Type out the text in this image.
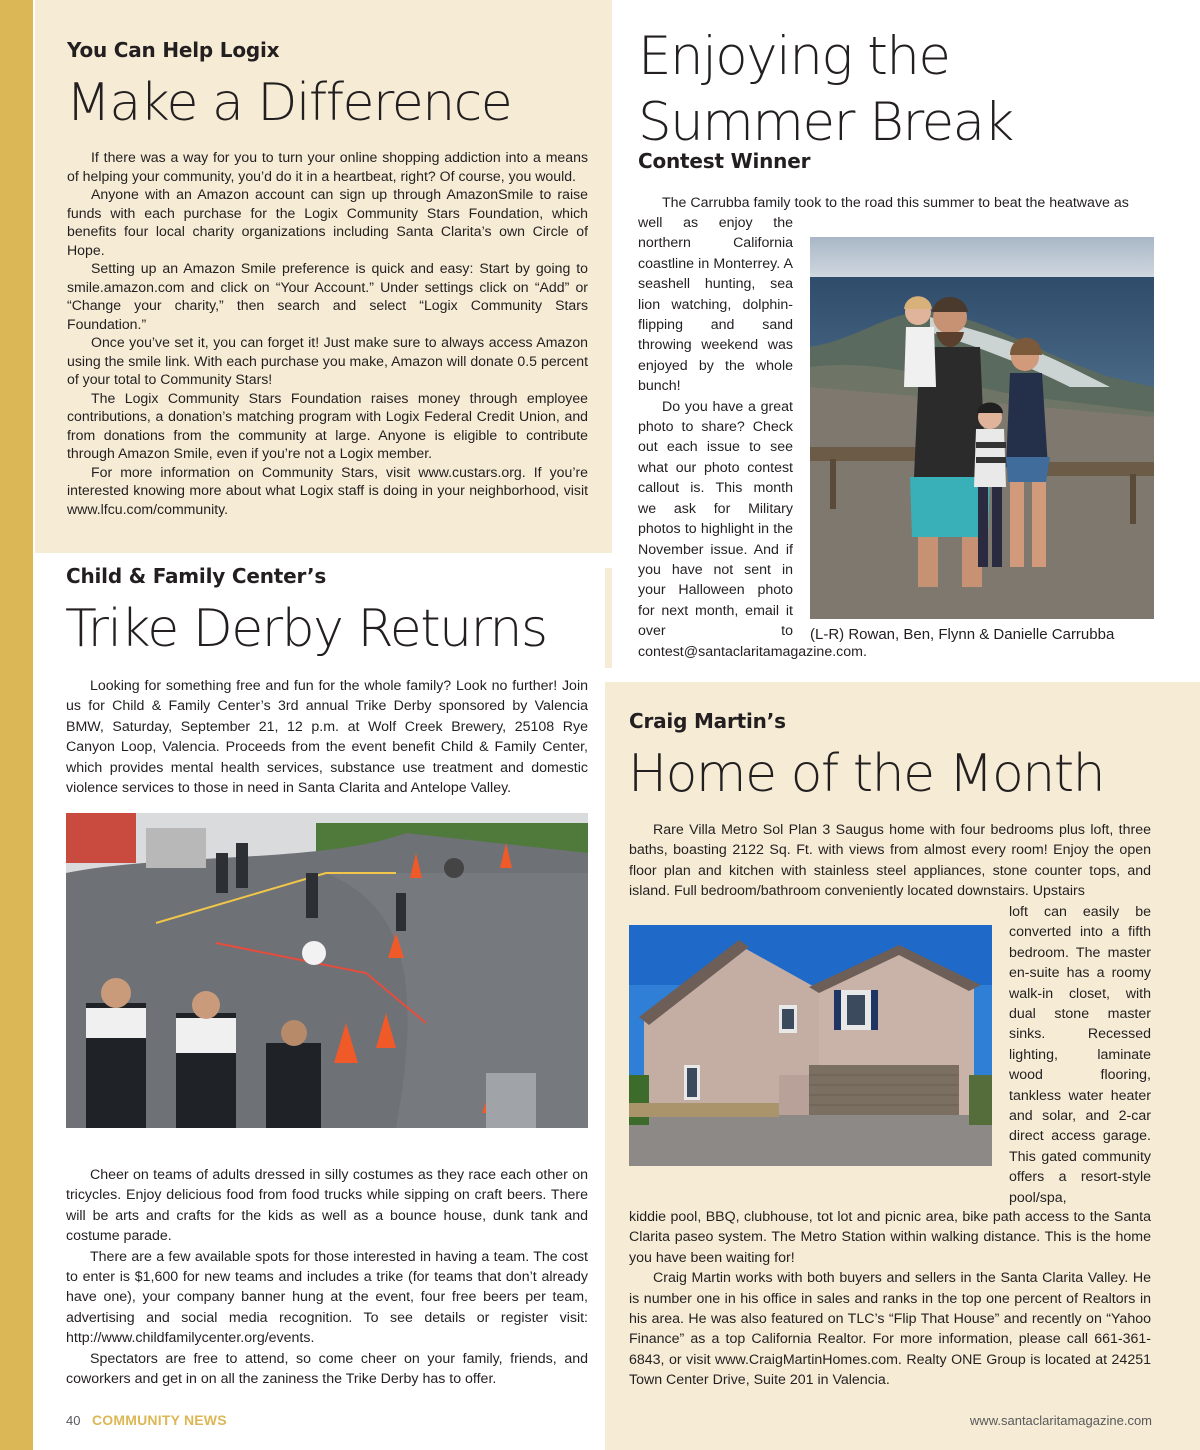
You Can Help Logix
Make a Difference

If there was a way for you to turn your online shopping addiction into a means of helping your community, you’d do it in a heartbeat, right? Of course, you would.

Anyone with an Amazon account can sign up through AmazonSmile to raise funds with each purchase for the Logix Community Stars Foundation, which benefits four local charity organizations including Santa Clarita’s own Circle of Hope.

Setting up an Amazon Smile preference is quick and easy: Start by going to smile.amazon.com and click on “Your Account.” Under settings click on “Add” or “Change your charity,” then search and select “Logix Community Stars Foundation.”

Once you’ve set it, you can forget it! Just make sure to always access Amazon using the smile link. With each purchase you make, Amazon will donate 0.5 percent of your total to Community Stars!

The Logix Community Stars Foundation raises money through employee contributions, a donation’s matching program with Logix Federal Credit Union, and from donations from the community at large. Anyone is eligible to contribute through Amazon Smile, even if you’re not a Logix member.

For more information on Community Stars, visit www.custars.org. If you’re interested knowing more about what Logix staff is doing in your neighborhood, visit www.lfcu.com/community.

Enjoying the
Summer Break
Contest Winner

The Carrubba family took to the road this summer to beat the heatwave as

well as enjoy the northern California coastline in Monterrey. A seashell hunting, sea lion watching, dolphin-flipping and sand throwing weekend was enjoyed by the whole bunch!

Do you have a great photo to share? Check out each issue to see what our photo contest callout is. This month we ask for Military photos to highlight in the November issue. And if you have not sent in your Halloween photo for next month, email it over to contest@santaclaritamagazine.com.

(L-R) Rowan, Ben, Flynn & Danielle Carrubba
Child & Family Center’s
Trike Derby Returns

Looking for something free and fun for the whole family? Look no further! Join us for Child & Family Center’s 3rd annual Trike Derby sponsored by Valencia BMW, Saturday, September 21, 12 p.m. at Wolf Creek Brewery, 25108 Rye Canyon Loop, Valencia. Proceeds from the event benefit Child & Family Center, which provides mental health services, substance use treatment and domestic violence services to those in need in Santa Clarita and Antelope Valley.

Cheer on teams of adults dressed in silly costumes as they race each other on tricycles. Enjoy delicious food from food trucks while sipping on craft beers. There will be arts and crafts for the kids as well as a bounce house, dunk tank and costume parade.

There are a few available spots for those interested in having a team. The cost to enter is $1,600 for new teams and includes a trike (for teams that don’t already have one), your company banner hung at the event, four free beers per team, advertising and social media recognition. To see details or register visit: http://www.childfamilycenter.org/events.

Spectators are free to attend, so come cheer on your family, friends, and coworkers and get in on all the zaniness the Trike Derby has to offer.

Craig Martin’s
Home of the Month

Rare Villa Metro Sol Plan 3 Saugus home with four bedrooms plus loft, three baths, boasting 2122 Sq. Ft. with views from almost every room! Enjoy the open floor plan and kitchen with stainless steel appliances, stone counter tops, and island. Full bedroom/bathroom conveniently located downstairs. Upstairs

loft can easily be converted into a fifth bedroom. The master en-suite has a roomy walk-in closet, with dual stone master sinks. Recessed lighting, laminate wood flooring, tankless water heater and solar, and 2-car direct access garage. This gated community offers a resort-style pool/spa,

kiddie pool, BBQ, clubhouse, tot lot and picnic area, bike path access to the Santa Clarita paseo system. The Metro Station within walking distance. This is the home you have been waiting for!

Craig Martin works with both buyers and sellers in the Santa Clarita Valley. He is number one in his office in sales and ranks in the top one percent of Realtors in his area. He was also featured on TLC’s “Flip That House” and recently on “Yahoo Finance” as a top California Realtor. For more information, please call 661-361-6843, or visit www.CraigMartinHomes.com. Realty ONE Group is located at 24251 Town Center Drive, Suite 201 in Valencia.

40 COMMUNITY NEWS	www.santaclaritamagazine.com
